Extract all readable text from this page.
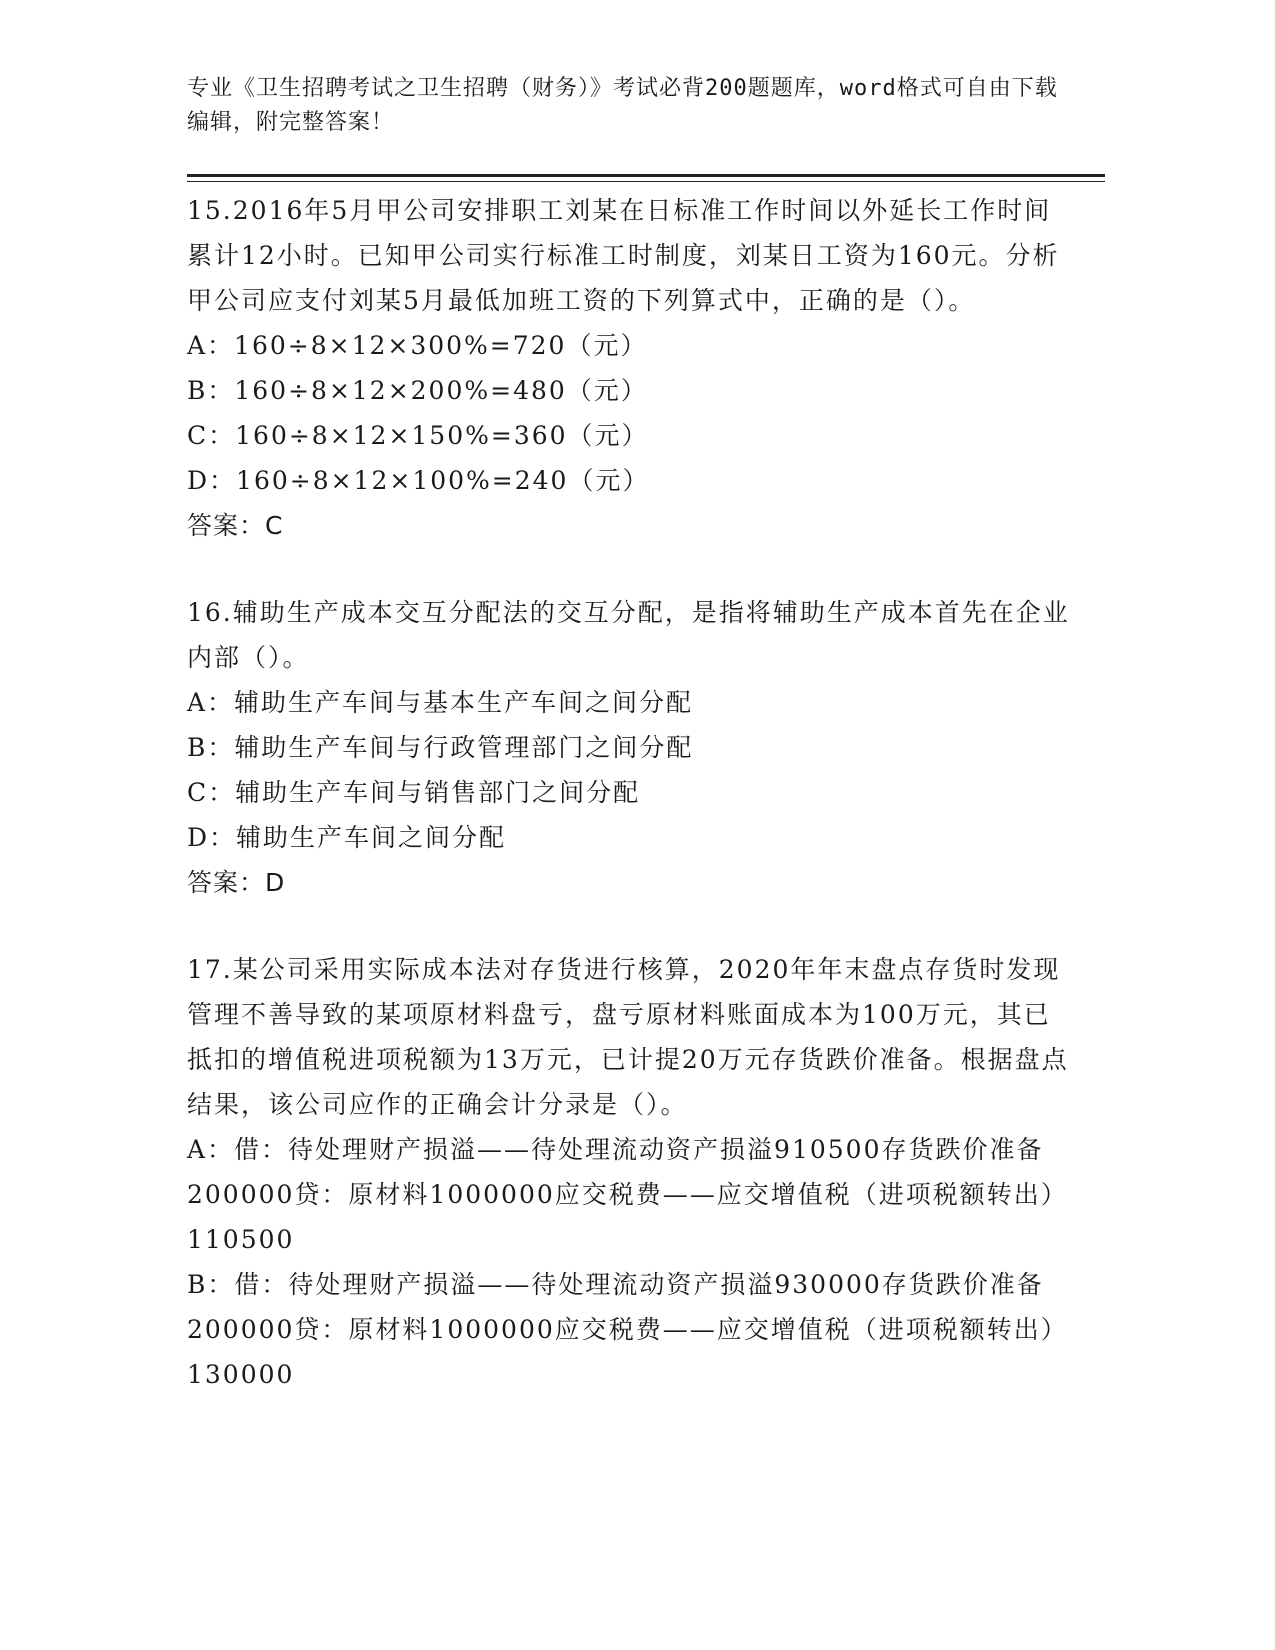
专业《卫生招聘考试之卫生招聘（财务）》考试必背200题题库，word格式可自由下载编辑，附完整答案！

15.2016年5月甲公司安排职工刘某在日标准工作时间以外延长工作时间累计12小时。已知甲公司实行标准工时制度，刘某日工资为160元。分析甲公司应支付刘某5月最低加班工资的下列算式中，正确的是（）。

A：160÷8×12×300%=720（元）

B：160÷8×12×200%=480（元）

C：160÷8×12×150%=360（元）

D：160÷8×12×100%=240（元）

答案：C

16.辅助生产成本交互分配法的交互分配，是指将辅助生产成本首先在企业内部（）。

A：辅助生产车间与基本生产车间之间分配

B：辅助生产车间与行政管理部门之间分配

C：辅助生产车间与销售部门之间分配

D：辅助生产车间之间分配

答案：D

17.某公司采用实际成本法对存货进行核算，2020年年末盘点存货时发现管理不善导致的某项原材料盘亏，盘亏原材料账面成本为100万元，其已抵扣的增值税进项税额为13万元，已计提20万元存货跌价准备。根据盘点结果，该公司应作的正确会计分录是（）。

A：借：待处理财产损溢——待处理流动资产损溢910500存货跌价准备200000贷：原材料1000000应交税费——应交增值税（进项税额转出）110500

B：借：待处理财产损溢——待处理流动资产损溢930000存货跌价准备200000贷：原材料1000000应交税费——应交增值税（进项税额转出）130000
